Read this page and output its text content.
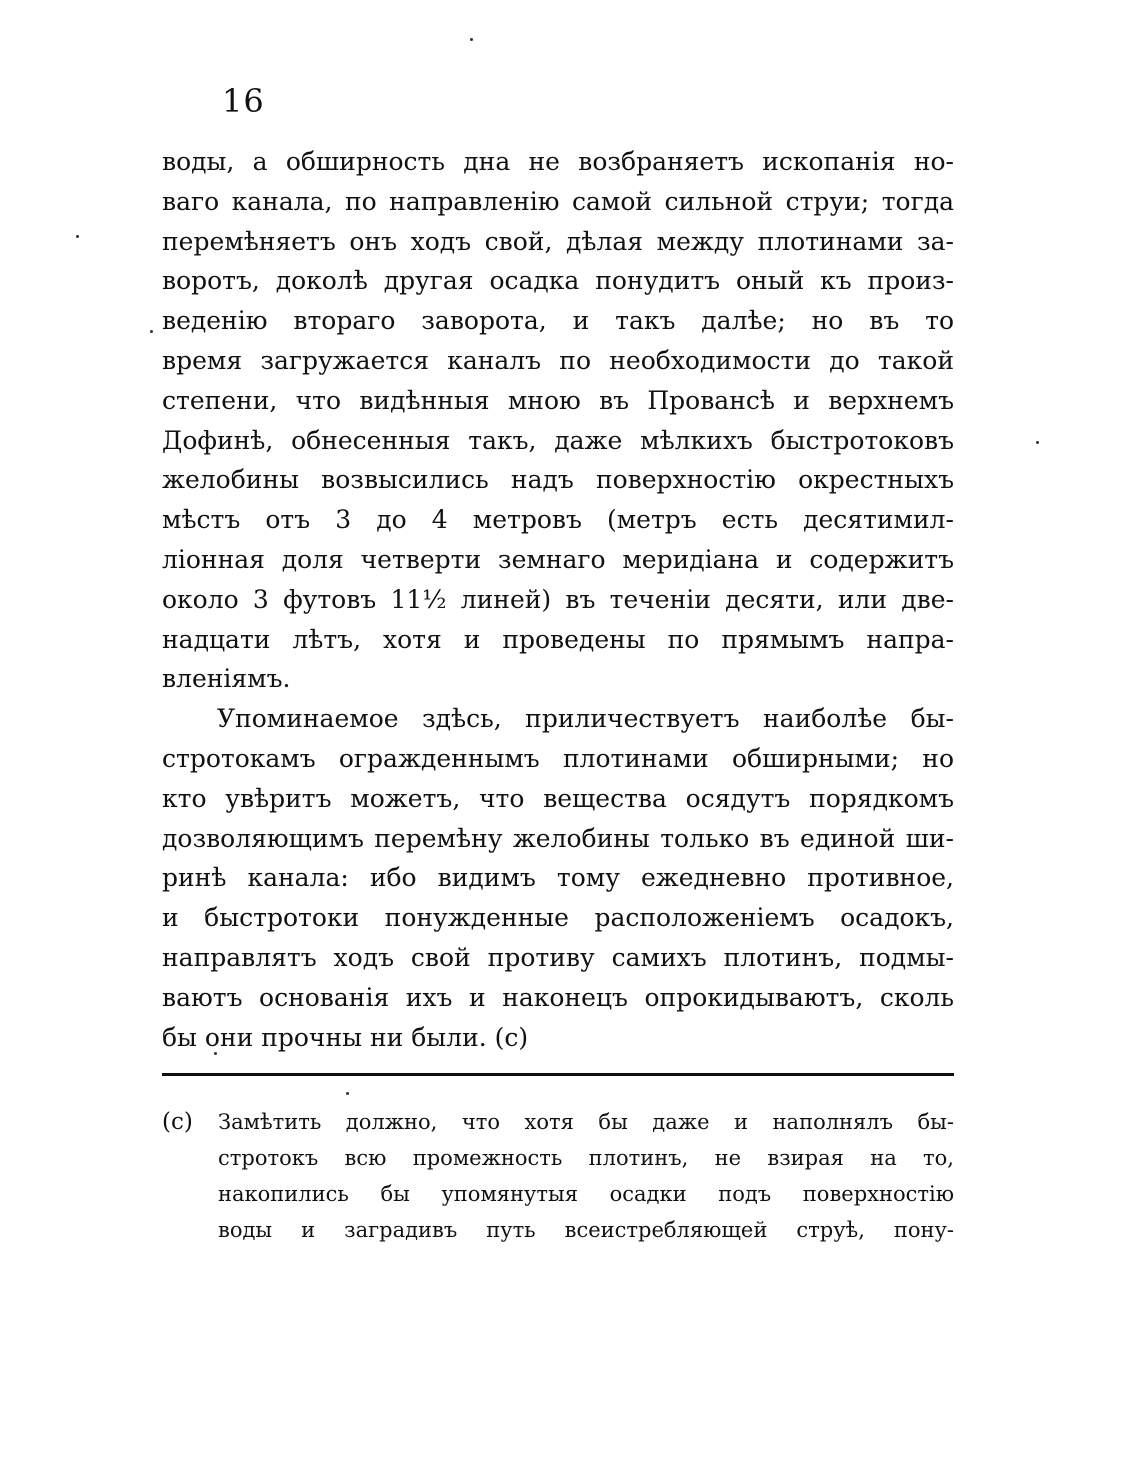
16
воды, а обширность дна не возбраняетъ ископанія но-
ваго канала, по направленію самой сильной струи; тогда
перемѣняетъ онъ ходъ свой, дѣлая между плотинами за-
воротъ, доколѣ другая осадка понудитъ оный къ произ-
веденію втораго заворота, и такъ далѣе; но въ то
время загружается каналъ по необходимости до такой
степени, что видѣнныя мною въ Провансѣ и верхнемъ
Дофинѣ, обнесенныя такъ, даже мѣлкихъ быстротоковъ
желобины возвысились надъ поверхностію окрестныхъ
мѣстъ отъ 3 до 4 метровъ (метръ есть десятимил-
ліонная доля четверти земнаго меридіана и содержитъ
около 3 футовъ 11½ линей) въ теченіи десяти, или две-
надцати лѣтъ, хотя и проведены по прямымъ напра-
вленіямъ.
Упоминаемое здѣсь, приличествуетъ наиболѣе бы-
стротокамъ огражденнымъ плотинами обширными; но
кто увѣритъ можетъ, что вещества осядутъ порядкомъ
дозволяющимъ перемѣну желобины только въ единой ши-
ринѣ канала: ибо видимъ тому ежедневно противное,
и быстротоки понужденные расположеніемъ осадокъ,
направлятъ ходъ свой противу самихъ плотинъ, подмы-
ваютъ основанія ихъ и наконецъ опрокидываютъ, сколь
бы они прочны ни были. (с)
(с) Замѣтить должно, что хотя бы даже и наполнялъ бы-
стротокъ всю промежность плотинъ, не взирая на то,
накопились бы упомянутыя осадки подъ поверхностію
воды и заградивъ путь всеистребляющей струѣ, пону-
